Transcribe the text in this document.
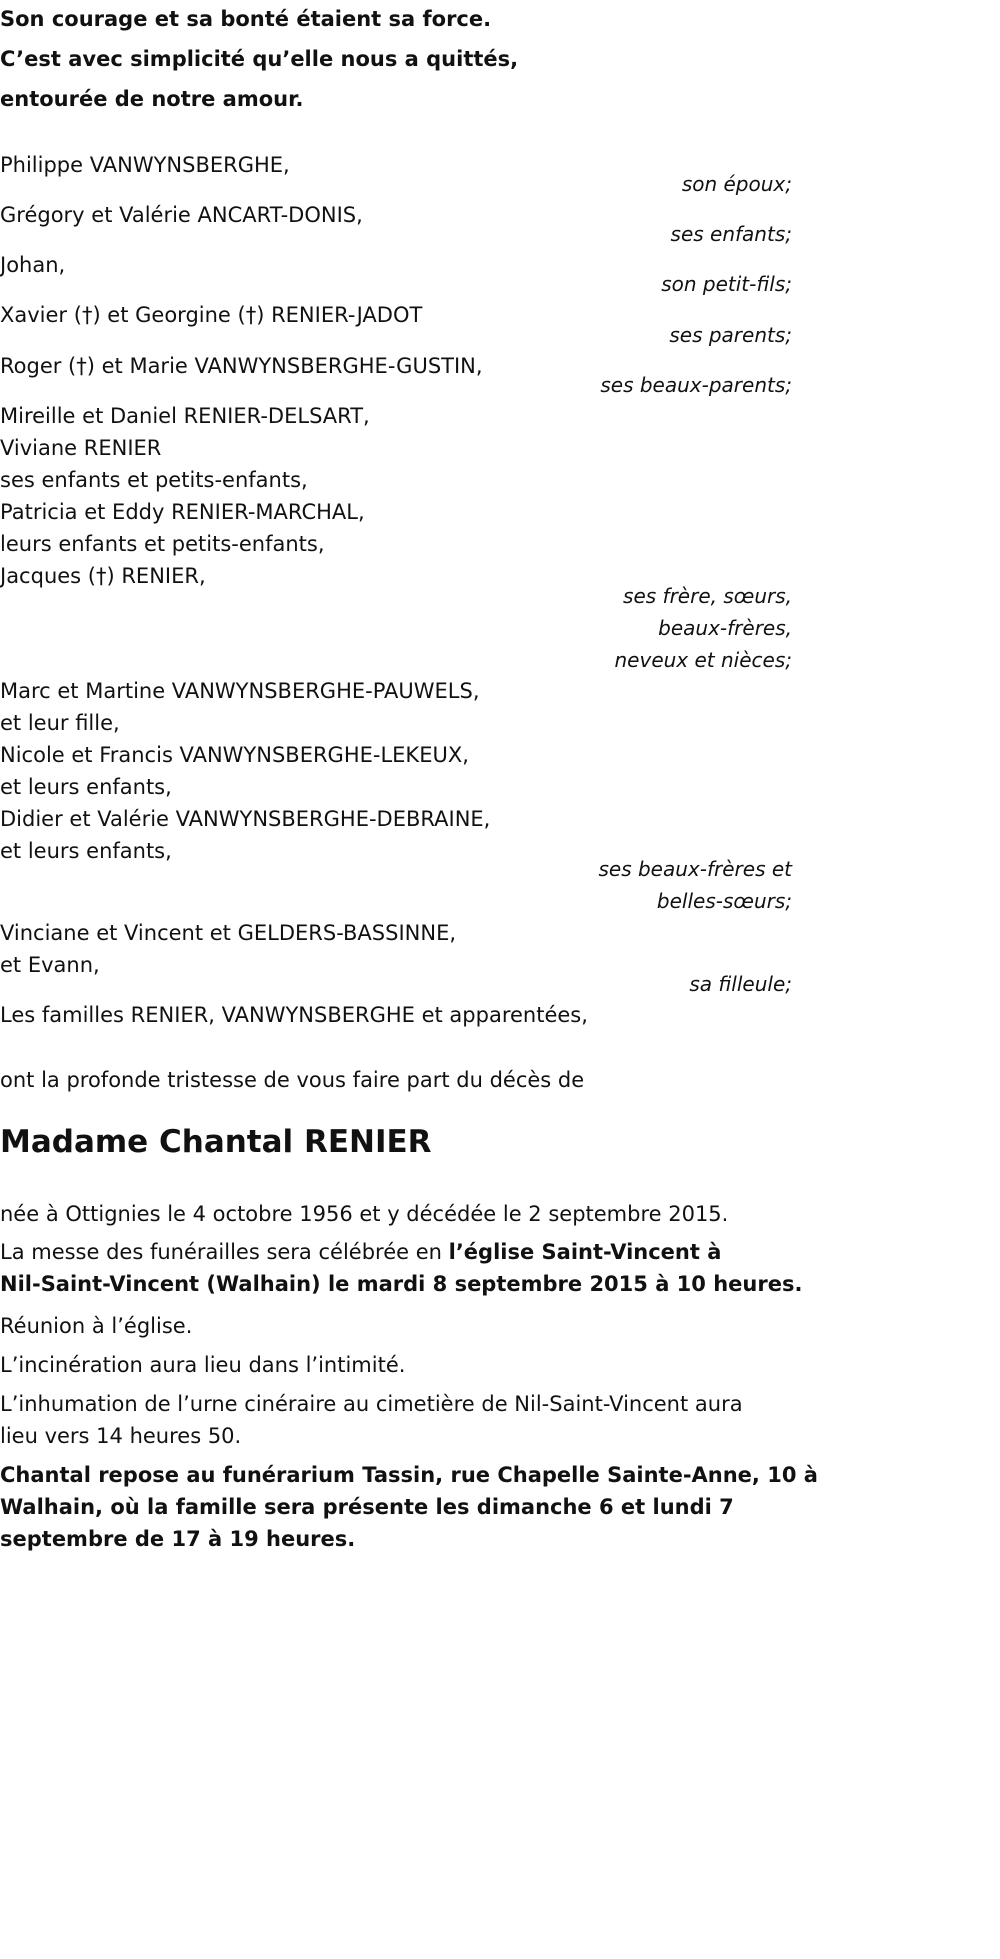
Son courage et sa bonté étaient sa force.
C’est avec simplicité qu’elle nous a quittés,
entourée de notre amour.
Philippe VANWYNSBERGHE,
son époux;
Grégory et Valérie ANCART-DONIS,
ses enfants;
Johan,
son petit-fils;
Xavier (†) et Georgine (†) RENIER-JADOT
ses parents;
Roger (†) et Marie VANWYNSBERGHE-GUSTIN,
ses beaux-parents;
Mireille et Daniel RENIER-DELSART,
Viviane RENIER
ses enfants et petits-enfants,
Patricia et Eddy RENIER-MARCHAL,
leurs enfants et petits-enfants,
Jacques (†) RENIER,
ses frère, sœurs,
beaux-frères,
neveux et nièces;
Marc et Martine VANWYNSBERGHE-PAUWELS,
et leur fille,
Nicole et Francis VANWYNSBERGHE-LEKEUX,
et leurs enfants,
Didier et Valérie VANWYNSBERGHE-DEBRAINE,
et leurs enfants,
ses beaux-frères et
belles-sœurs;
Vinciane et Vincent et GELDERS-BASSINNE,
et Evann,
sa filleule;
Les familles RENIER, VANWYNSBERGHE et apparentées,
ont la profonde tristesse de vous faire part du décès de
Madame Chantal RENIER
née à Ottignies le 4 octobre 1956 et y décédée le 2 septembre 2015.
La messe des funérailles sera célébrée en l’église Saint-Vincent à
Nil-Saint-Vincent (Walhain) le mardi 8 septembre 2015 à 10 heures.
Réunion à l’église.
L’incinération aura lieu dans l’intimité.
L’inhumation de l’urne cinéraire au cimetière de Nil-Saint-Vincent aura
lieu vers 14 heures 50.
Chantal repose au funérarium Tassin, rue Chapelle Sainte-Anne, 10 à
Walhain, où la famille sera présente les dimanche 6 et lundi 7
septembre de 17 à 19 heures.
